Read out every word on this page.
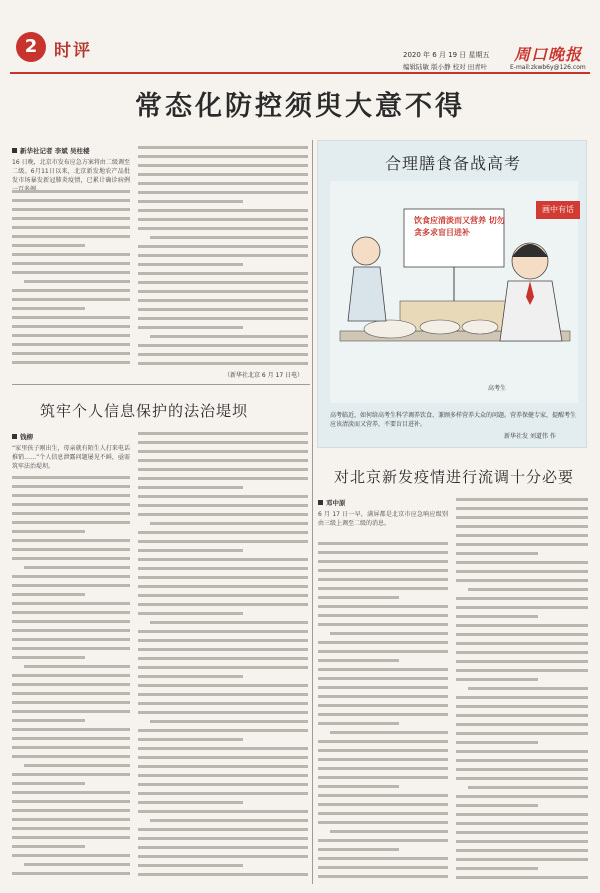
2 时评	2020 年 6 月 19 日 星期五
编辑陆敏 版小静 校对 田青叶
周口晚报
E-mail:zkwb6y@126.com
常态化防控须臾大意不得
新华社记者 李斌 吴柱楼
16 日晚，北京市发布应急方案将由二级调至二级。6月11日以来，北京新发地农产品批发市场暴发新冠肺炎疫情，已累计确诊病例
（新华社北京 6 月 17 日电）
合理膳食备战高考
饮食应清淡而又营养 切勿贪多求盲目进补
高考生
画中有话
高考临近，如何给高考生科学调养饮食、兼顾多样营养大众的问题。营养保健专家，提醒考生应该清淡而又营养，不要盲目进补。
新华社发 刘道伟 作
筑牢个人信息保护的法治堤坝
钱柳
“家里孩子刚出生，母亲就有陌生人打来电话推销……”个人信息泄露问题屡见不鲜，亟需筑牢法治堤坝。
对北京新发疫情进行流调十分必要
邓中原
6 月 17 日一早，满屏都是北京市应急响应级别由三级上调至二级的消息。
